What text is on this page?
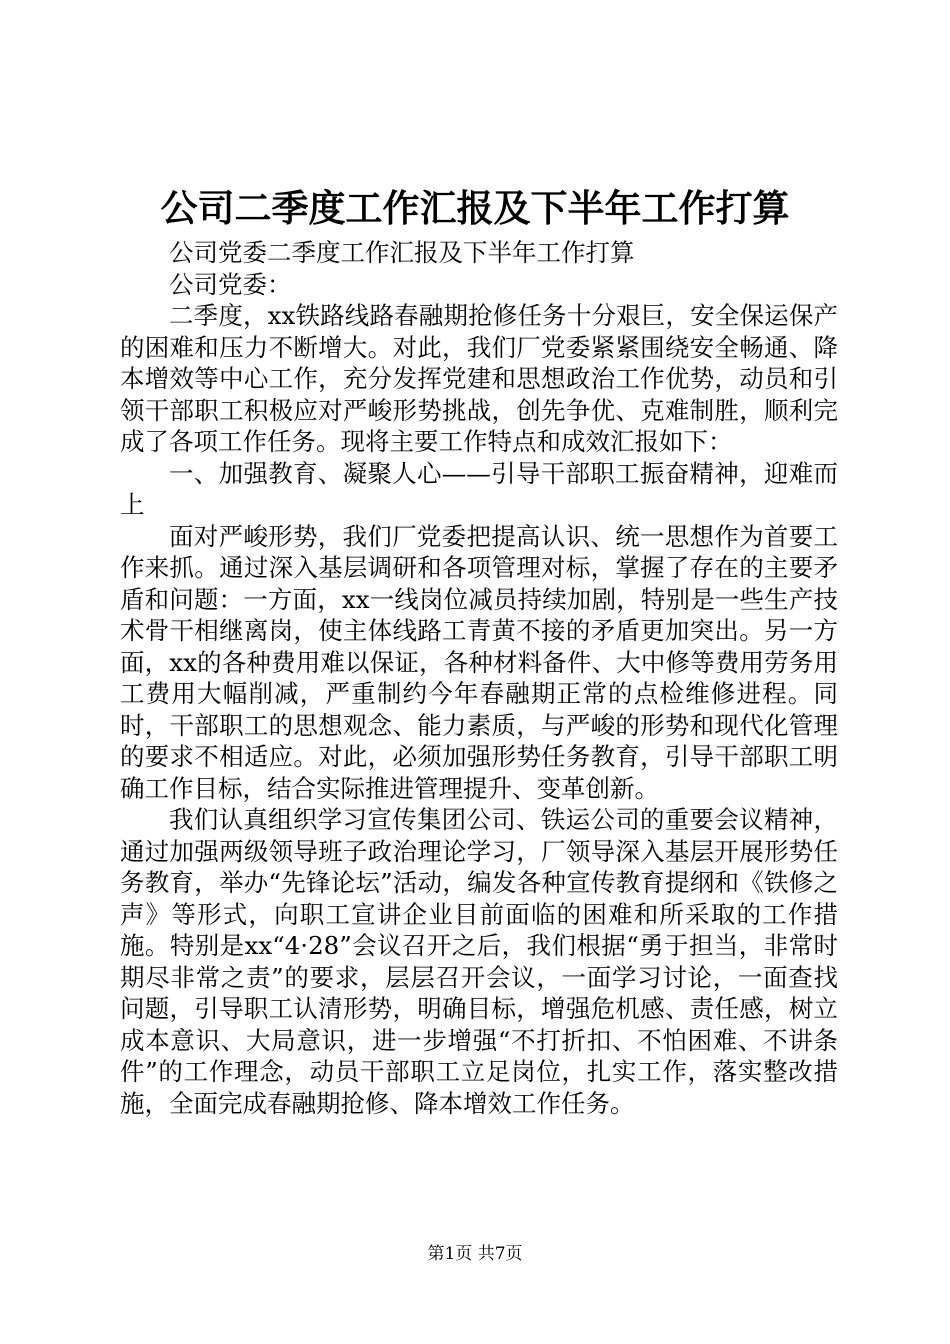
公司二季度工作汇报及下半年工作打算

公司党委二季度工作汇报及下半年工作打算

公司党委：

二季度，xx铁路线路春融期抢修任务十分艰巨，安全保运保产的困难和压力不断增大。对此，我们厂党委紧紧围绕安全畅通、降本增效等中心工作，充分发挥党建和思想政治工作优势，动员和引领干部职工积极应对严峻形势挑战，创先争优、克难制胜，顺利完成了各项工作任务。现将主要工作特点和成效汇报如下：

一、加强教育、凝聚人心——引导干部职工振奋精神，迎难而上

面对严峻形势，我们厂党委把提高认识、统一思想作为首要工作来抓。通过深入基层调研和各项管理对标，掌握了存在的主要矛盾和问题：一方面，xx一线岗位减员持续加剧，特别是一些生产技术骨干相继离岗，使主体线路工青黄不接的矛盾更加突出。另一方面，xx的各种费用难以保证，各种材料备件、大中修等费用劳务用工费用大幅削减，严重制约今年春融期正常的点检维修进程。同时，干部职工的思想观念、能力素质，与严峻的形势和现代化管理的要求不相适应。对此，必须加强形势任务教育，引导干部职工明确工作目标，结合实际推进管理提升、变革创新。

我们认真组织学习宣传集团公司、铁运公司的重要会议精神，通过加强两级领导班子政治理论学习，厂领导深入基层开展形势任务教育，举办“先锋论坛”活动，编发各种宣传教育提纲和《铁修之声》等形式，向职工宣讲企业目前面临的困难和所采取的工作措施。特别是xx“4·28”会议召开之后，我们根据“勇于担当，非常时期尽非常之责”的要求，层层召开会议，一面学习讨论，一面查找问题，引导职工认清形势，明确目标，增强危机感、责任感，树立成本意识、大局意识，进一步增强“不打折扣、不怕困难、不讲条件”的工作理念，动员干部职工立足岗位，扎实工作，落实整改措施，全面完成春融期抢修、降本增效工作任务。

第1页 共7页
